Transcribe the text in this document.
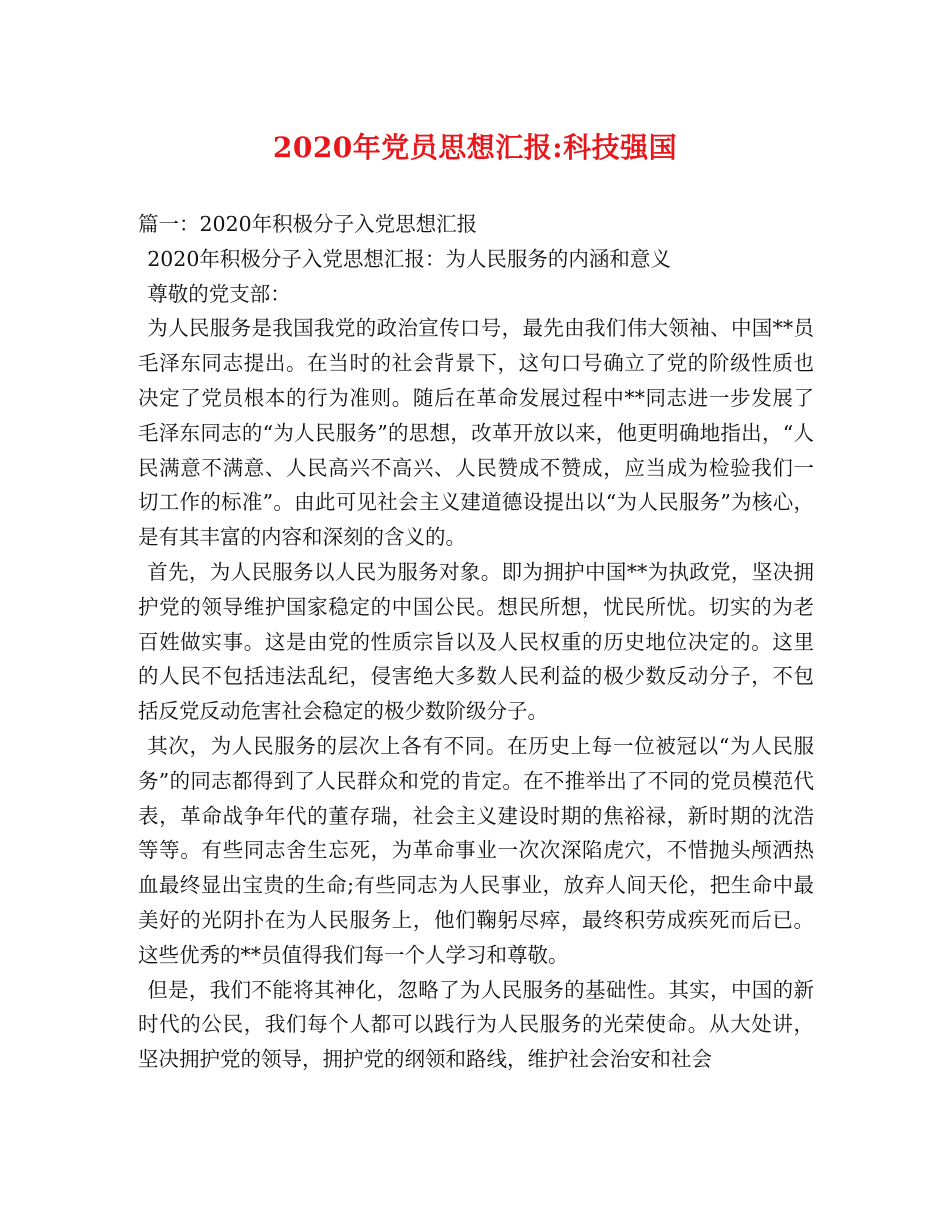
2020年党员思想汇报:科技强国

篇一：2020年积极分子入党思想汇报

2020年积极分子入党思想汇报：为人民服务的内涵和意义

尊敬的党支部：

为人民服务是我国我党的政治宣传口号，最先由我们伟大领袖、中国**员毛泽东同志提出。在当时的社会背景下，这句口号确立了党的阶级性质也决定了党员根本的行为准则。随后在革命发展过程中**同志进一步发展了毛泽东同志的“为人民服务”的思想，改革开放以来，他更明确地指出，“人民满意不满意、人民高兴不高兴、人民赞成不赞成，应当成为检验我们一切工作的标准”。由此可见社会主义建道德设提出以“为人民服务”为核心，是有其丰富的内容和深刻的含义的。

首先，为人民服务以人民为服务对象。即为拥护中国**为执政党，坚决拥护党的领导维护国家稳定的中国公民。想民所想，忧民所忧。切实的为老百姓做实事。这是由党的性质宗旨以及人民权重的历史地位决定的。这里的人民不包括违法乱纪，侵害绝大多数人民利益的极少数反动分子，不包括反党反动危害社会稳定的极少数阶级分子。

其次，为人民服务的层次上各有不同。在历史上每一位被冠以“为人民服务”的同志都得到了人民群众和党的肯定。在不推举出了不同的党员模范代表，革命战争年代的董存瑞，社会主义建设时期的焦裕禄，新时期的沈浩等等。有些同志舍生忘死，为革命事业一次次深陷虎穴，不惜抛头颅洒热血最终显出宝贵的生命;有些同志为人民事业，放弃人间天伦，把生命中最美好的光阴扑在为人民服务上，他们鞠躬尽瘁，最终积劳成疾死而后已。这些优秀的**员值得我们每一个人学习和尊敬。

但是，我们不能将其神化，忽略了为人民服务的基础性。其实，中国的新时代的公民，我们每个人都可以践行为人民服务的光荣使命。从大处讲，坚决拥护党的领导，拥护党的纲领和路线，维护社会治安和社会
